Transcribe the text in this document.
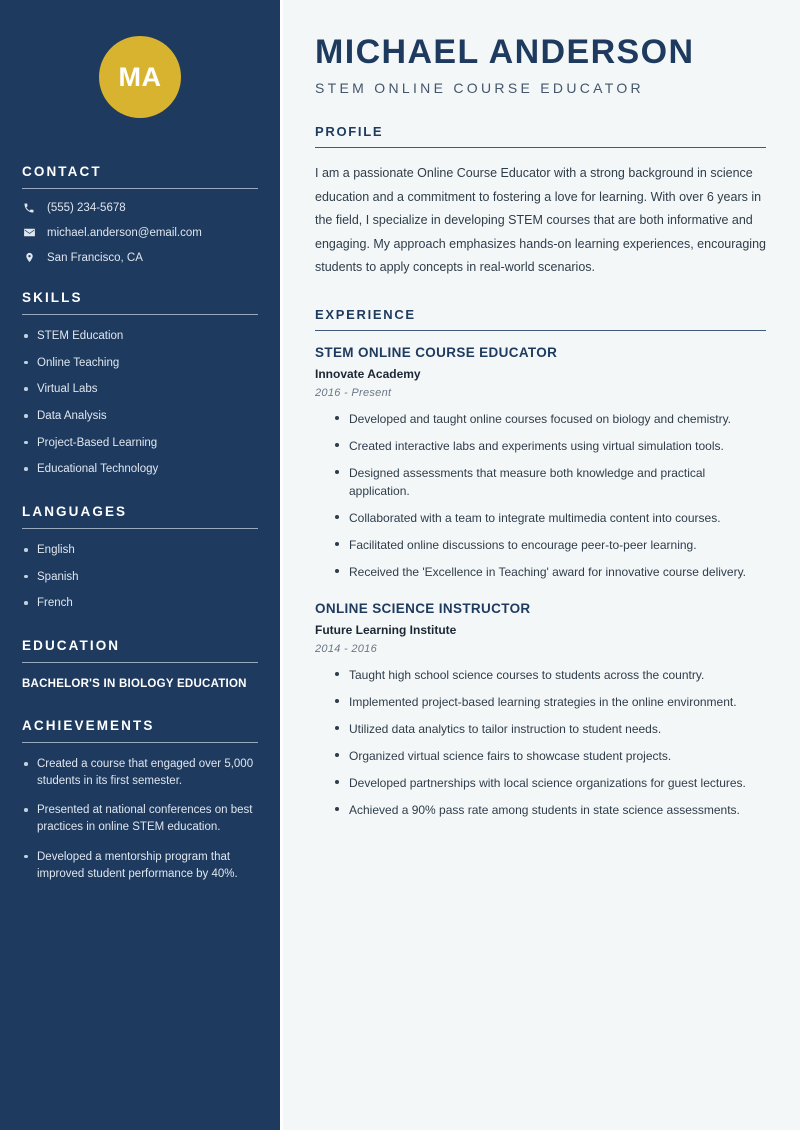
MA
CONTACT
(555) 234-5678
michael.anderson@email.com
San Francisco, CA
SKILLS
STEM Education
Online Teaching
Virtual Labs
Data Analysis
Project-Based Learning
Educational Technology
LANGUAGES
English
Spanish
French
EDUCATION
BACHELOR'S IN BIOLOGY EDUCATION
ACHIEVEMENTS
Created a course that engaged over 5,000 students in its first semester.
Presented at national conferences on best practices in online STEM education.
Developed a mentorship program that improved student performance by 40%.
MICHAEL ANDERSON
STEM ONLINE COURSE EDUCATOR
PROFILE

I am a passionate Online Course Educator with a strong background in science education and a commitment to fostering a love for learning. With over 6 years in the field, I specialize in developing STEM courses that are both informative and engaging. My approach emphasizes hands-on learning experiences, encouraging students to apply concepts in real-world scenarios.

EXPERIENCE
STEM ONLINE COURSE EDUCATOR
Innovate Academy
2016 - Present
Developed and taught online courses focused on biology and chemistry.
Created interactive labs and experiments using virtual simulation tools.
Designed assessments that measure both knowledge and practical application.
Collaborated with a team to integrate multimedia content into courses.
Facilitated online discussions to encourage peer-to-peer learning.
Received the 'Excellence in Teaching' award for innovative course delivery.
ONLINE SCIENCE INSTRUCTOR
Future Learning Institute
2014 - 2016
Taught high school science courses to students across the country.
Implemented project-based learning strategies in the online environment.
Utilized data analytics to tailor instruction to student needs.
Organized virtual science fairs to showcase student projects.
Developed partnerships with local science organizations for guest lectures.
Achieved a 90% pass rate among students in state science assessments.
